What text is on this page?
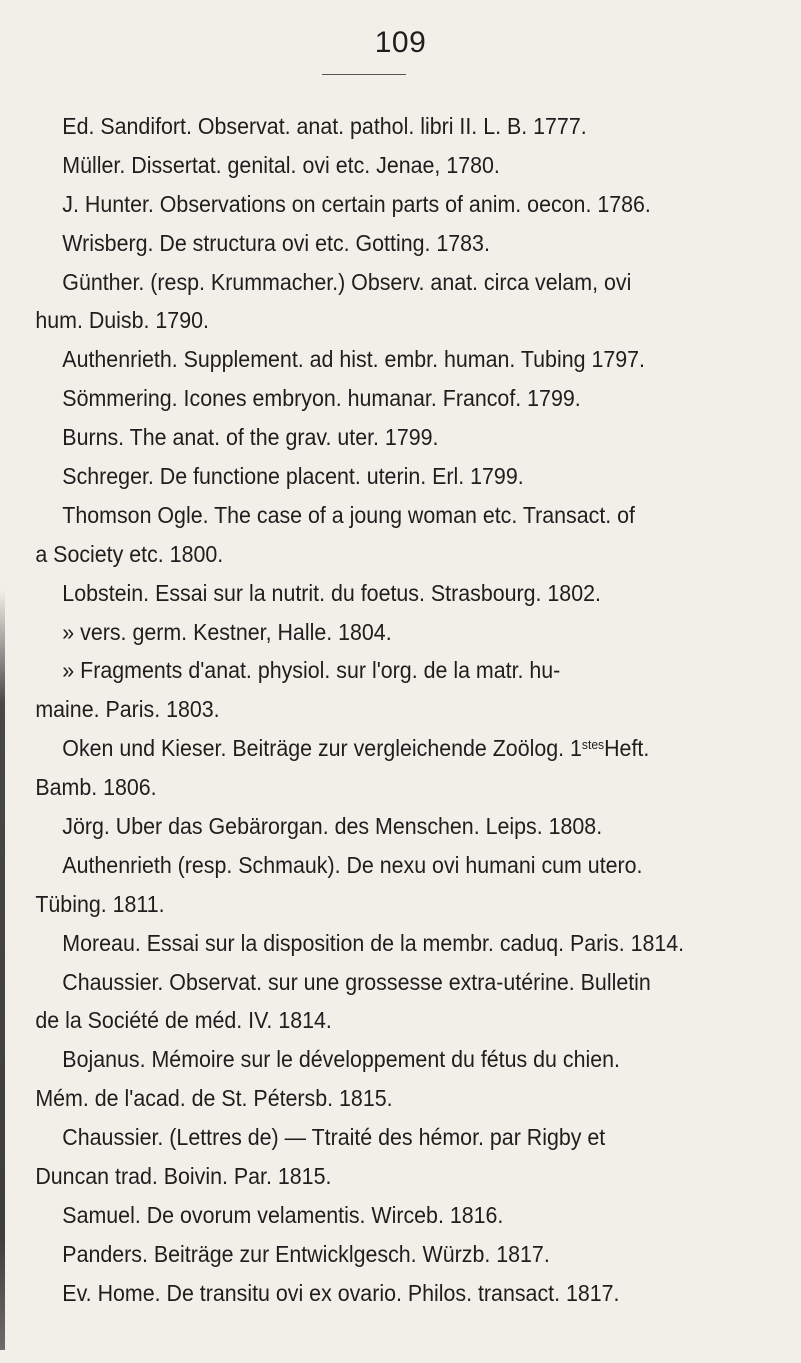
109
Ed. Sandifort. Observat. anat. pathol. libri II. L. B. 1777.
Müller. Dissertat. genital. ovi etc. Jenae, 1780.
J. Hunter. Observations on certain parts of anim. oecon. 1786.
Wrisberg. De structura ovi etc. Gotting. 1783.
Günther. (resp. Krummacher.) Observ. anat. circa velam, ovi
hum. Duisb. 1790.
Authenrieth. Supplement. ad hist. embr. human. Tubing 1797.
Sömmering. Icones embryon. humanar. Francof. 1799.
Burns. The anat. of the grav. uter. 1799.
Schreger. De functione placent. uterin. Erl. 1799.
Thomson Ogle. The case of a joung woman etc. Transact. of
a Society etc. 1800.
Lobstein. Essai sur la nutrit. du foetus. Strasbourg. 1802.
» vers. germ. Kestner, Halle. 1804.
» Fragments d'anat. physiol. sur l'org. de la matr. hu-
maine. Paris. 1803.
Oken und Kieser. Beiträge zur vergleichende Zoölog. $1^{stes}Heft$.
Bamb. 1806.
Jörg. Uber das Gebärorgan. des Menschen. Leips. 1808.
Authenrieth (resp. Schmauk). De nexu ovi humani cum utero.
Tübing. 1811.
Moreau. Essai sur la disposition de la membr. caduq. Paris. 1814.
Chaussier. Observat. sur une grossesse extra-utérine. Bulletin
de la Société de méd. IV. 1814.
Bojanus. Mémoire sur le développement du fétus du chien.
Mém. de l'acad. de St. Pétersb. 1815.
Chaussier. (Lettres de) — Ttraité des hémor. par Rigby et
Duncan trad. Boivin. Par. 1815.
Samuel. De ovorum velamentis. Wirceb. 1816.
Panders. Beiträge zur Entwicklgesch. Würzb. 1817.
Ev. Home. De transitu ovi ex ovario. Philos. transact. 1817.
